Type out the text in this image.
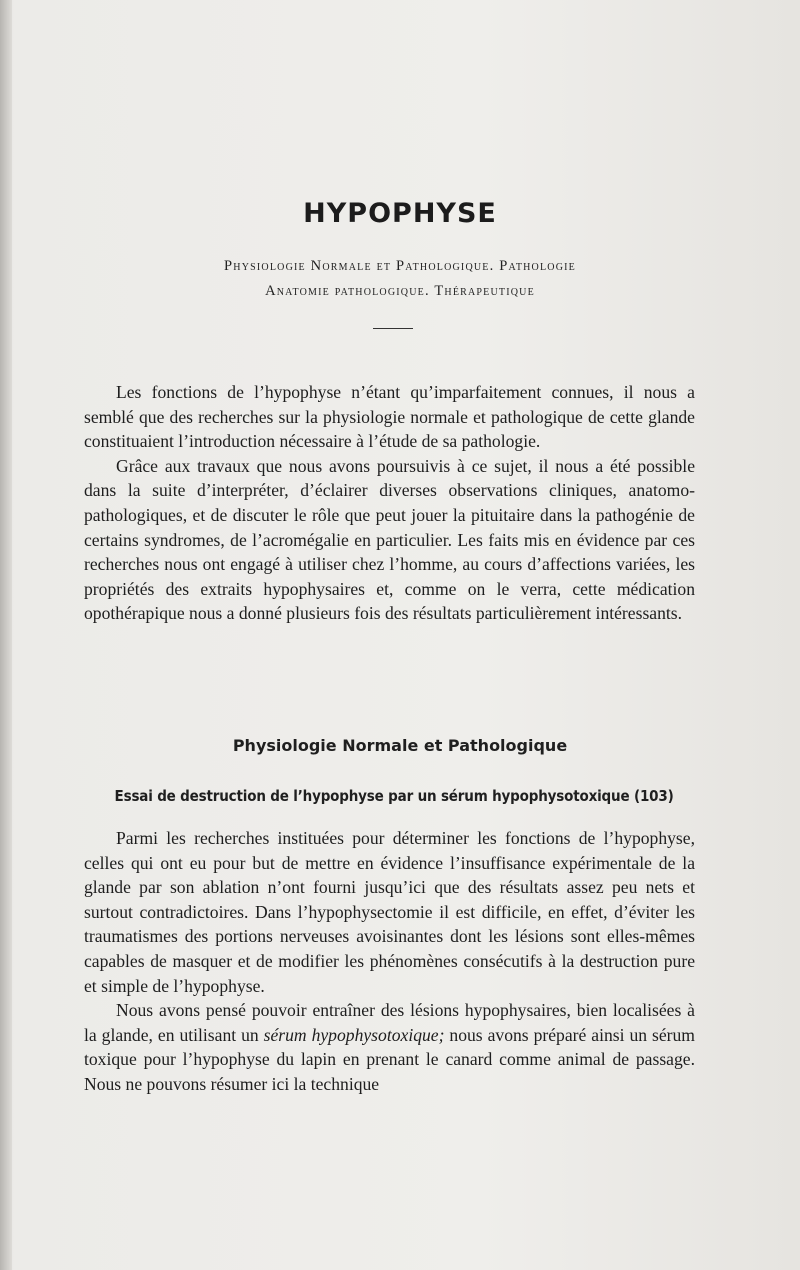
HYPOPHYSE
Physiologie Normale et Pathologique. Pathologie
Anatomie pathologique. Thérapeutique

Les fonctions de l’hypophyse n’étant qu’imparfaitement connues, il nous a semblé que des recherches sur la physiologie normale et pathologique de cette glande constituaient l’introduction nécessaire à l’étude de sa pathologie.

Grâce aux travaux que nous avons poursuivis à ce sujet, il nous a été possible dans la suite d’interpréter, d’éclairer diverses observations cliniques, anatomo-pathologiques, et de discuter le rôle que peut jouer la pituitaire dans la pathogénie de certains syndromes, de l’acromégalie en particulier. Les faits mis en évidence par ces recherches nous ont engagé à utiliser chez l’homme, au cours d’affections variées, les propriétés des extraits hypophysaires et, comme on le verra, cette médication opothérapique nous a donné plusieurs fois des résultats particulièrement intéressants.

Physiologie Normale et Pathologique
Essai de destruction de l’hypophyse par un sérum hypophysotoxique (103)

Parmi les recherches instituées pour déterminer les fonctions de l’hypophyse, celles qui ont eu pour but de mettre en évidence l’insuffisance expérimentale de la glande par son ablation n’ont fourni jusqu’ici que des résultats assez peu nets et surtout contradictoires. Dans l’hypophysectomie il est difficile, en effet, d’éviter les traumatismes des portions nerveuses avoisinantes dont les lésions sont elles-mêmes capables de masquer et de modifier les phénomènes consécutifs à la destruction pure et simple de l’hypophyse.

Nous avons pensé pouvoir entraîner des lésions hypophysaires, bien localisées à la glande, en utilisant un sérum hypophysotoxique; nous avons préparé ainsi un sérum toxique pour l’hypophyse du lapin en prenant le canard comme animal de passage. Nous ne pouvons résumer ici la technique
